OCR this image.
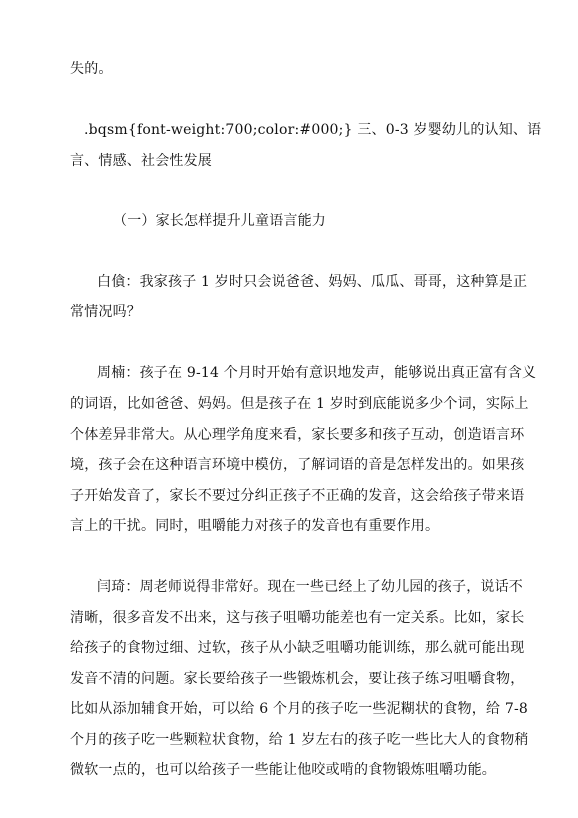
失的。
.bqsm{font-weight:700;color:#000;} 三、0-3 岁婴幼儿的认知、语
言、情感、社会性发展
（一）家长怎样提升儿童语言能力
白僋：我家孩子 1 岁时只会说爸爸、妈妈、瓜瓜、哥哥，这种算是正
常情况吗？
周楠：孩子在 9-14 个月时开始有意识地发声，能够说出真正富有含义
的词语，比如爸爸、妈妈。但是孩子在 1 岁时到底能说多少个词，实际上
个体差异非常大。从心理学角度来看，家长要多和孩子互动，创造语言环
境，孩子会在这种语言环境中模仿，了解词语的音是怎样发出的。如果孩
子开始发音了，家长不要过分纠正孩子不正确的发音，这会给孩子带来语
言上的干扰。同时，咀嚼能力对孩子的发音也有重要作用。
闫琦：周老师说得非常好。现在一些已经上了幼儿园的孩子，说话不
清晰，很多音发不出来，这与孩子咀嚼功能差也有一定关系。比如，家长
给孩子的食物过细、过软，孩子从小缺乏咀嚼功能训练，那么就可能出现
发音不清的问题。家长要给孩子一些锻炼机会，要让孩子练习咀嚼食物，
比如从添加辅食开始，可以给 6 个月的孩子吃一些泥糊状的食物，给 7-8
个月的孩子吃一些颗粒状食物，给 1 岁左右的孩子吃一些比大人的食物稍
微软一点的，也可以给孩子一些能让他咬或啃的食物锻炼咀嚼功能。
